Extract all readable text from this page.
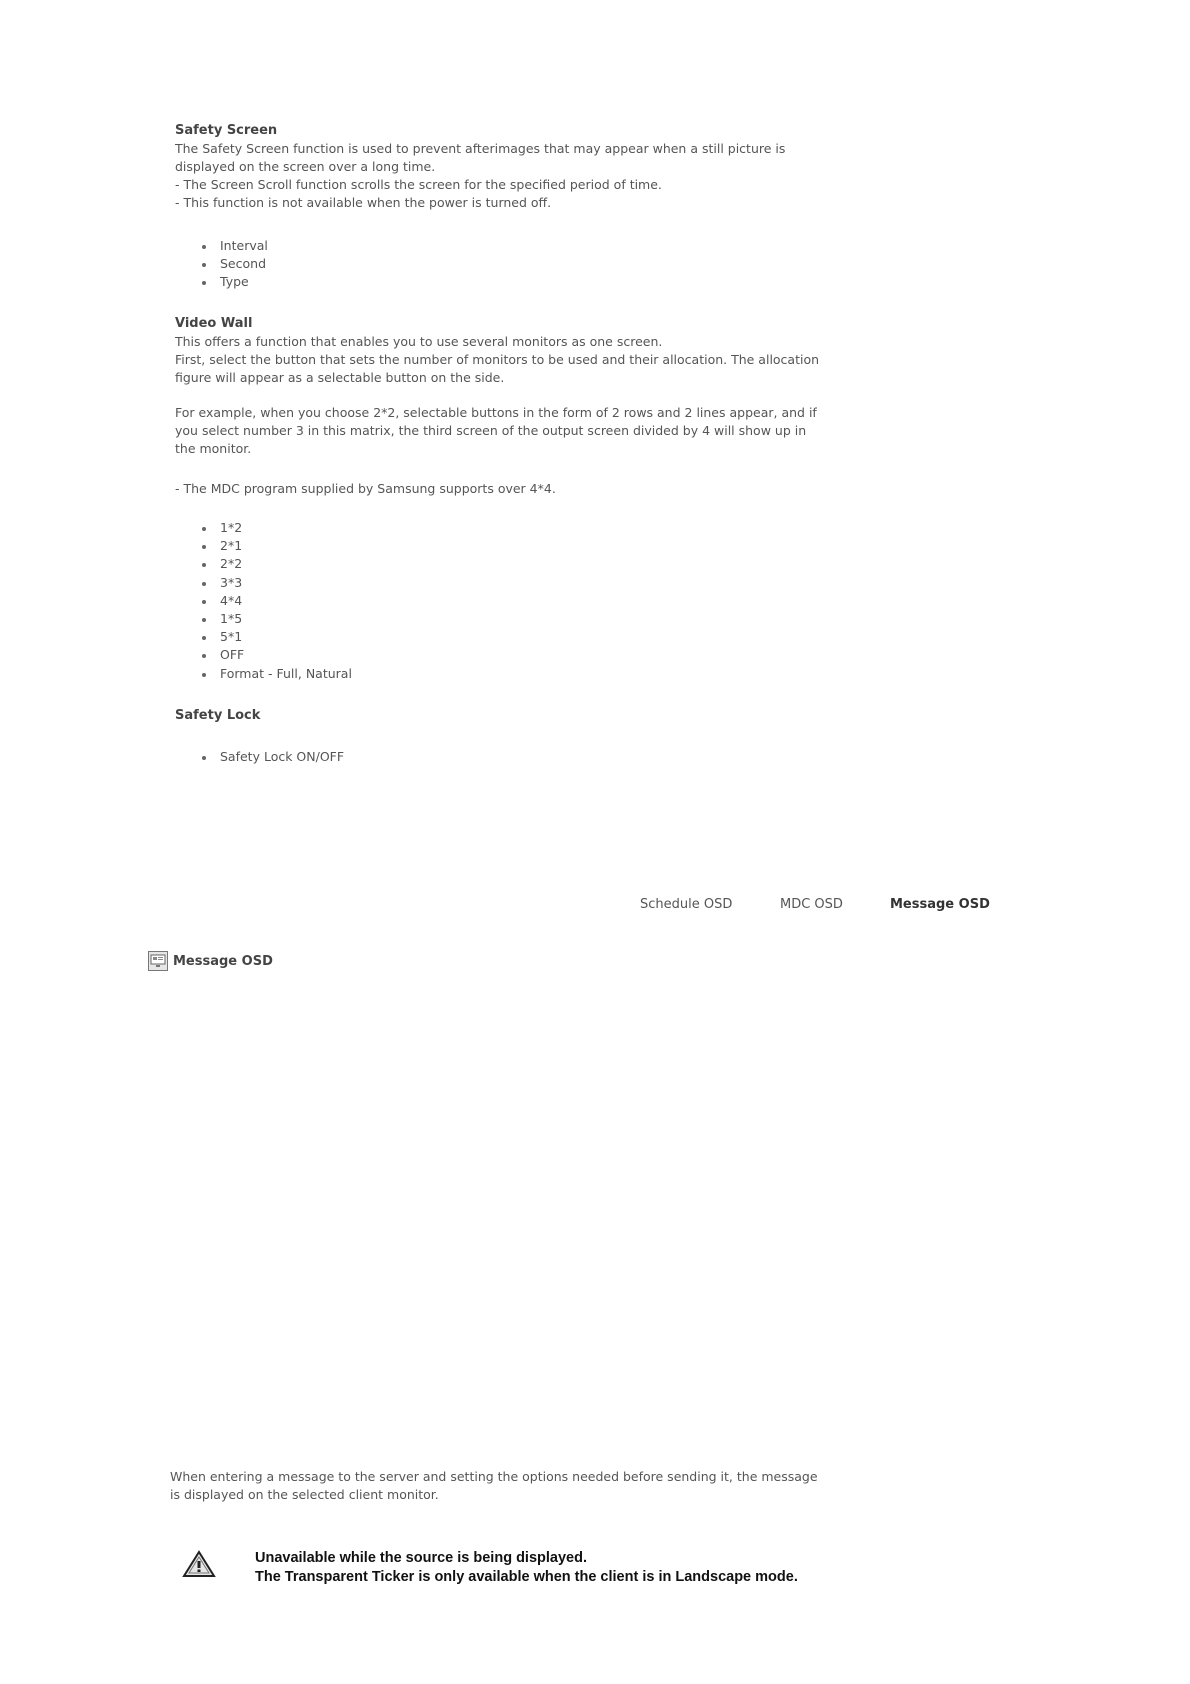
Safety Screen

The Safety Screen function is used to prevent afterimages that may appear when a still picture is

displayed on the screen over a long time.

- The Screen Scroll function scrolls the screen for the specified period of time.

- This function is not available when the power is turned off.

Interval
Second
Type

Video Wall

This offers a function that enables you to use several monitors as one screen.

First, select the button that sets the number of monitors to be used and their allocation. The allocation

figure will appear as a selectable button on the side.

For example, when you choose 2*2, selectable buttons in the form of 2 rows and 2 lines appear, and if

you select number 3 in this matrix, the third screen of the output screen divided by 4 will show up in

the monitor.

- The MDC program supplied by Samsung supports over 4*4.

1*2
2*1
2*2
3*3
4*4
1*5
5*1
OFF
Format - Full, Natural

Safety Lock

Safety Lock ON/OFF
Schedule OSD	MDC OSD	Message OSD
Message OSD

When entering a message to the server and setting the options needed before sending it, the message

is displayed on the selected client monitor.

Unavailable while the source is being displayed.
The Transparent Ticker is only available when the client is in Landscape mode.
